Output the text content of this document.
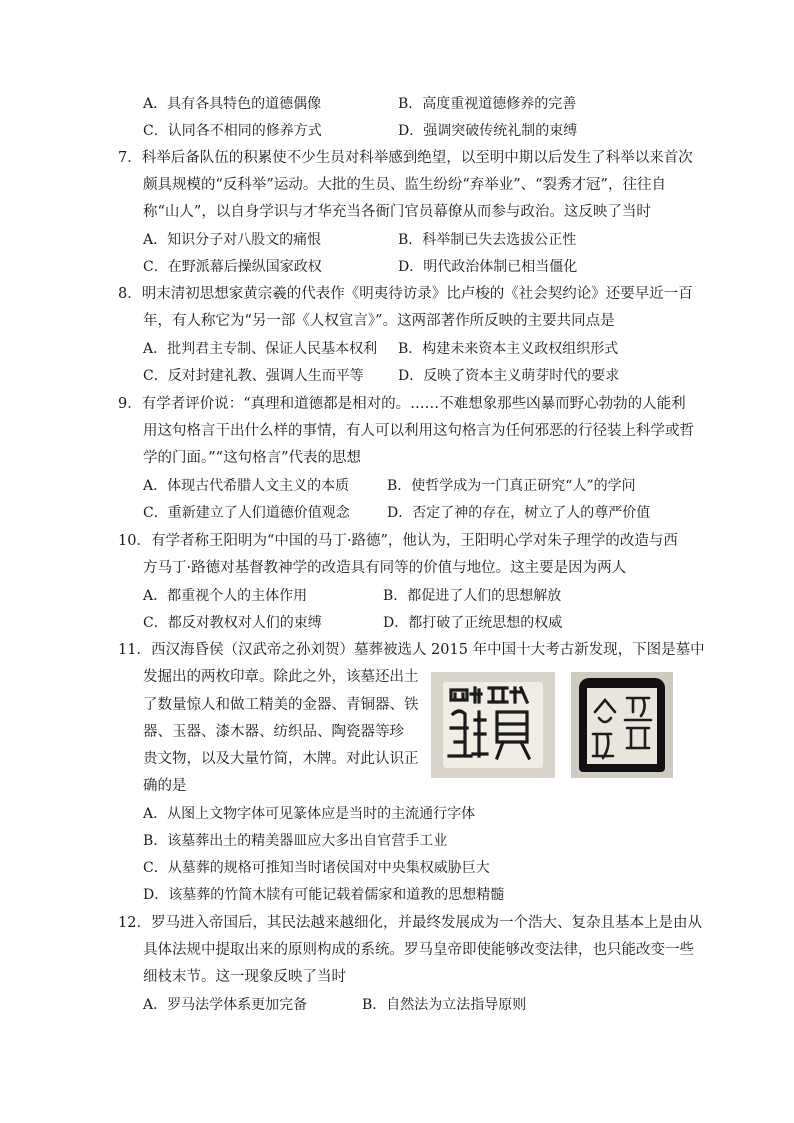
A．具有各具特色的道德偶像	B．高度重视道德修养的完善
C．认同各不相同的修养方式	D．强调突破传统礼制的束缚
7．科举后备队伍的积累使不少生员对科举感到绝望，以至明中期以后发生了科举以来首次
颇具规模的“反科举”运动。大批的生员、监生纷纷“弃举业”、“裂秀才冠”，往往自
称“山人”，以自身学识与才华充当各衙门官员幕僚从而参与政治。这反映了当时
A．知识分子对八股文的痛恨	B．科举制已失去选拔公正性
C．在野派幕后操纵国家政权	D．明代政治体制已相当僵化
8．明末清初思想家黄宗羲的代表作《明夷待访录》比卢梭的《社会契约论》还要早近一百
年，有人称它为“另一部《人权宣言》”。这两部著作所反映的主要共同点是
A．批判君主专制、保证人民基本权利 B．构建未来资本主义政权组织形式
C．反对封建礼教、强调人生而平等 D．反映了资本主义萌芽时代的要求
9．有学者评价说：“真理和道德都是相对的。……不难想象那些凶暴而野心勃勃的人能利
用这句格言干出什么样的事情，有人可以利用这句格言为任何邪恶的行径装上科学或哲
学的门面。”“这句格言”代表的思想
A．体现古代希腊人文主义的本质	B．使哲学成为一门真正研究“人”的学问
C．重新建立了人们道德价值观念	D．否定了神的存在，树立了人的尊严价值
10．有学者称王阳明为“中国的马丁·路德”，他认为，王阳明心学对朱子理学的改造与西
方马丁·路德对基督教神学的改造具有同等的价值与地位。这主要是因为两人
A．都重视个人的主体作用	B．都促进了人们的思想解放
C．都反对教权对人们的束缚	D．都打破了正统思想的权威
11．西汉海昏侯（汉武帝之孙刘贺）墓葬被选人 2015 年中国十大考古新发现，下图是墓中
发掘出的两枚印章。除此之外，该墓还出土
了数量惊人和做工精美的金器、青铜器、铁
器、玉器、漆木器、纺织品、陶瓷器等珍
贵文物，以及大量竹简，木牌。对此认识正
确的是
A．从图上文物字体可见篆体应是当时的主流通行字体
B．该墓葬出土的精美器皿应大多出自官营手工业
C．从墓葬的规格可推知当时诸侯国对中央集权威胁巨大
D．该墓葬的竹简木牍有可能记载着儒家和道教的思想精髓
12．罗马进入帝国后，其民法越来越细化，并最终发展成为一个浩大、复杂且基本上是由从
具体法规中提取出来的原则构成的系统。罗马皇帝即使能够改变法律，也只能改变一些
细枝末节。这一现象反映了当时
A．罗马法学体系更加完备	B．自然法为立法指导原则
